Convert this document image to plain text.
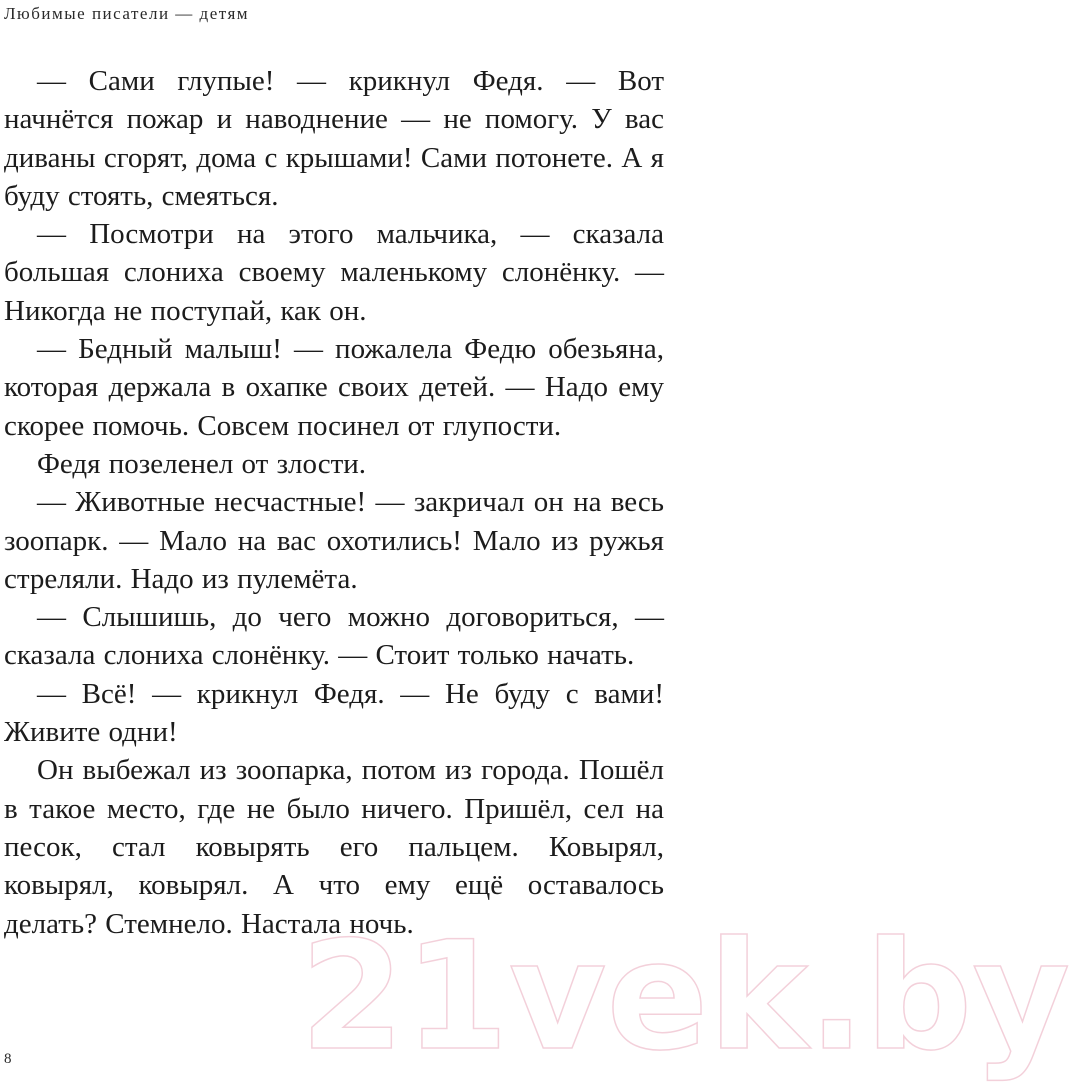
Любимые писатели — детям

— Сами глупые! — крикнул Федя. — Вот начнётся пожар и наводнение — не помогу. У вас диваны сгорят, дома с крышами! Сами потонете. А я буду стоять, смеяться.

— Посмотри на этого мальчика, — сказала большая слониха своему маленькому слонёнку. — Никогда не поступай, как он.

— Бедный малыш! — пожалела Федю обезьяна, которая держала в охапке своих детей. — Надо ему скорее помочь. Совсем посинел от глупости.

Федя позеленел от злости.

— Животные несчастные! — закричал он на весь зоопарк. — Мало на вас охотились! Мало из ружья стреляли. Надо из пулемёта.

— Слышишь, до чего можно договориться, — сказала слониха слонёнку. — Стоит только начать.

— Всё! — крикнул Федя. — Не буду с вами! Живите одни!

Он выбежал из зоопарка, потом из города. Пошёл в такое место, где не было ничего. Пришёл, сел на песок, стал ковырять его пальцем. Ковырял, ковырял, ковырял. А что ему ещё оставалось делать? Стемнело. Настала ночь.

21vek.by
8
